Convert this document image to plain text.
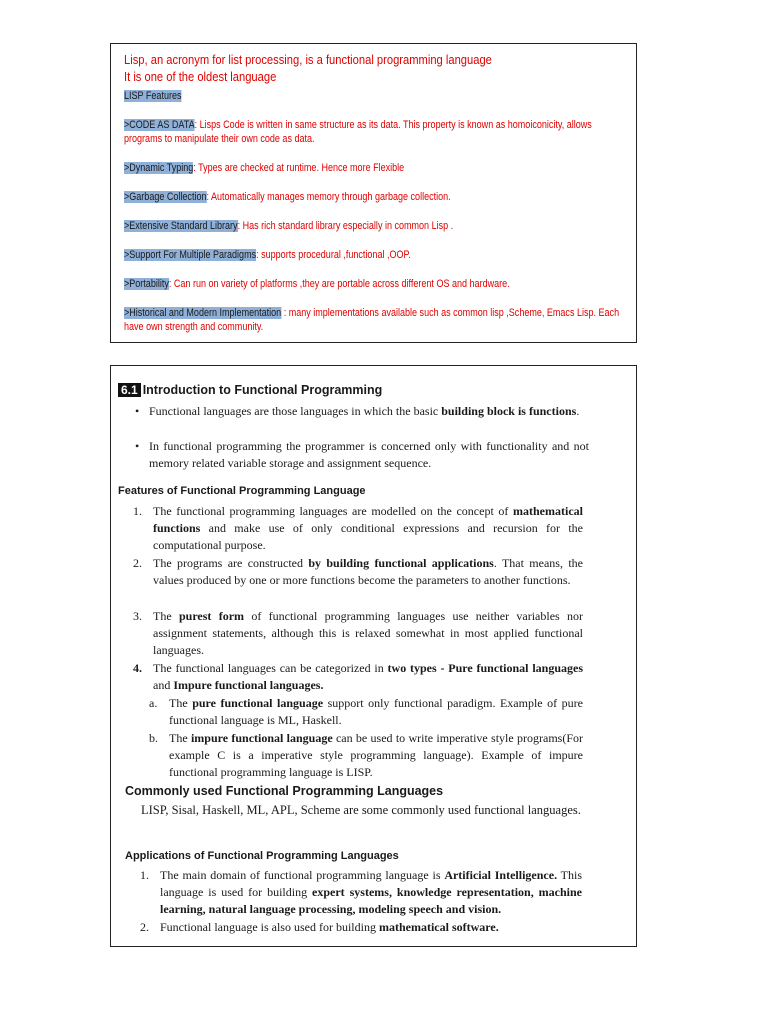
Lisp, an acronym for list processing, is a functional programming language
It is one of the oldest language
LISP Features
>CODE AS DATA: Lisps Code is written in same structure as its data. This property is known as homoiconicity, allows programs to manipulate their own code as data.
>Dynamic Typing: Types are checked at runtime. Hence more Flexible
>Garbage Collection: Automatically manages memory through garbage collection.
>Extensive Standard Library: Has rich standard library especially in common Lisp .
>Support For Multiple Paradigms: supports procedural ,functional ,OOP.
>Portability: Can run on variety of platforms ,they are portable across different OS and hardware.
>Historical and Modern Implementation : many implementations available such as common lisp ,Scheme, Emacs Lisp. Each have own strength and community.
6.1 Introduction to Functional Programming
• Functional languages are those languages in which the basic building block is functions.
• In functional programming the programmer is concerned only with functionality and not memory related variable storage and assignment sequence.
Features of Functional Programming Language
1. The functional programming languages are modelled on the concept of mathematical functions and make use of only conditional expressions and recursion for the computational purpose.
2. The programs are constructed by building functional applications. That means, the values produced by one or more functions become the parameters to another functions.
3. The purest form of functional programming languages use neither variables nor assignment statements, although this is relaxed somewhat in most applied functional languages.
4. The functional languages can be categorized in two types - Pure functional languages and Impure functional languages.
a. The pure functional language support only functional paradigm. Example of pure functional language is ML, Haskell.
b. The impure functional language can be used to write imperative style programs(For example C is a imperative style programming language). Example of impure functional programming language is LISP.
Commonly used Functional Programming Languages
LISP, Sisal, Haskell, ML, APL, Scheme are some commonly used functional languages.
Applications of Functional Programming Languages
1. The main domain of functional programming language is Artificial Intelligence. This language is used for building expert systems, knowledge representation, machine learning, natural language processing, modeling speech and vision.
2. Functional language is also used for building mathematical software.
